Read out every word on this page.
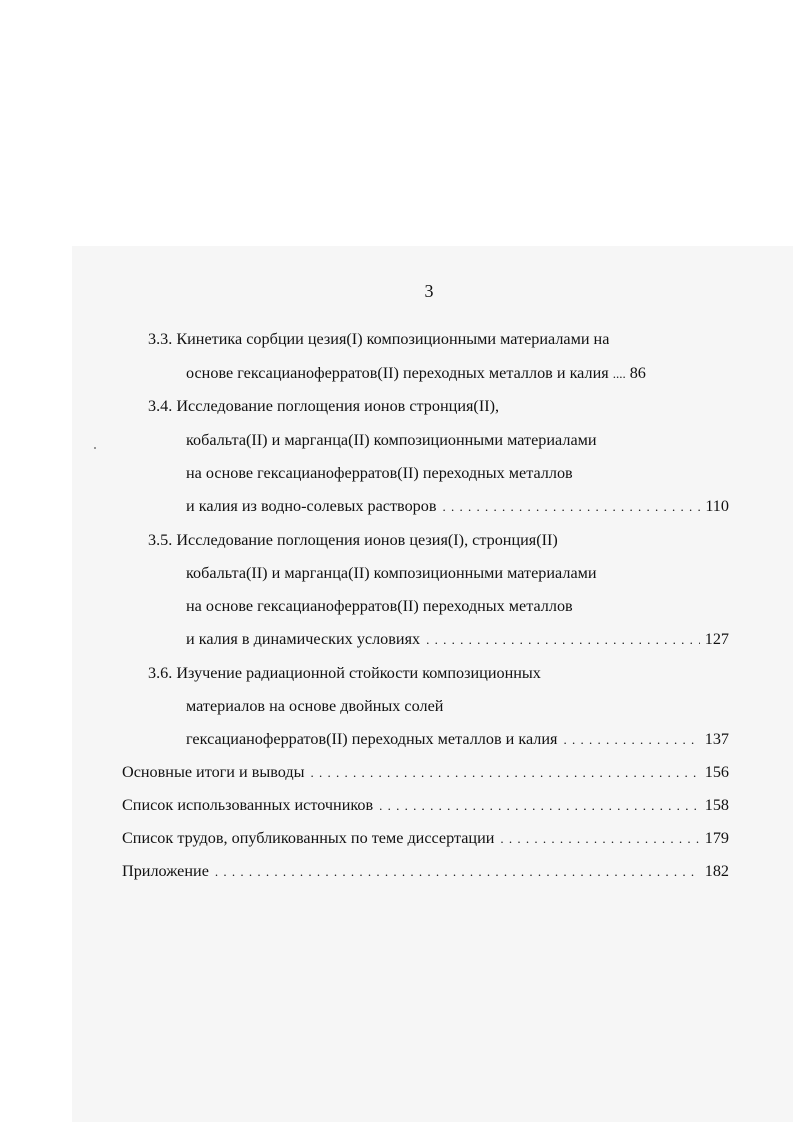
3
3.3. Кинетика сорбции цезия(I) композиционными материалами на
основе гексацианоферратов(II) переходных металлов и калия .... 86
3.4. Исследование поглощения ионов стронция(II),
кобальта(II) и марганца(II) композиционными материалами
на основе гексацианоферратов(II) переходных металлов
и калия из водно-солевых растворов . . .	110
3.5. Исследование поглощения ионов цезия(I), стронция(II)
кобальта(II) и марганца(II) композиционными материалами
на основе гексацианоферратов(II) переходных металлов
и калия в динамических условиях . . .	127
3.6. Изучение радиационной стойкости композиционных
материалов на основе двойных солей
гексацианоферратов(II) переходных металлов и калия . . .	137
Основные итоги и выводы . . .	156
Список использованных источников . . .	158
Список трудов, опубликованных по теме диссертации . . .	179
Приложение . . .	182
